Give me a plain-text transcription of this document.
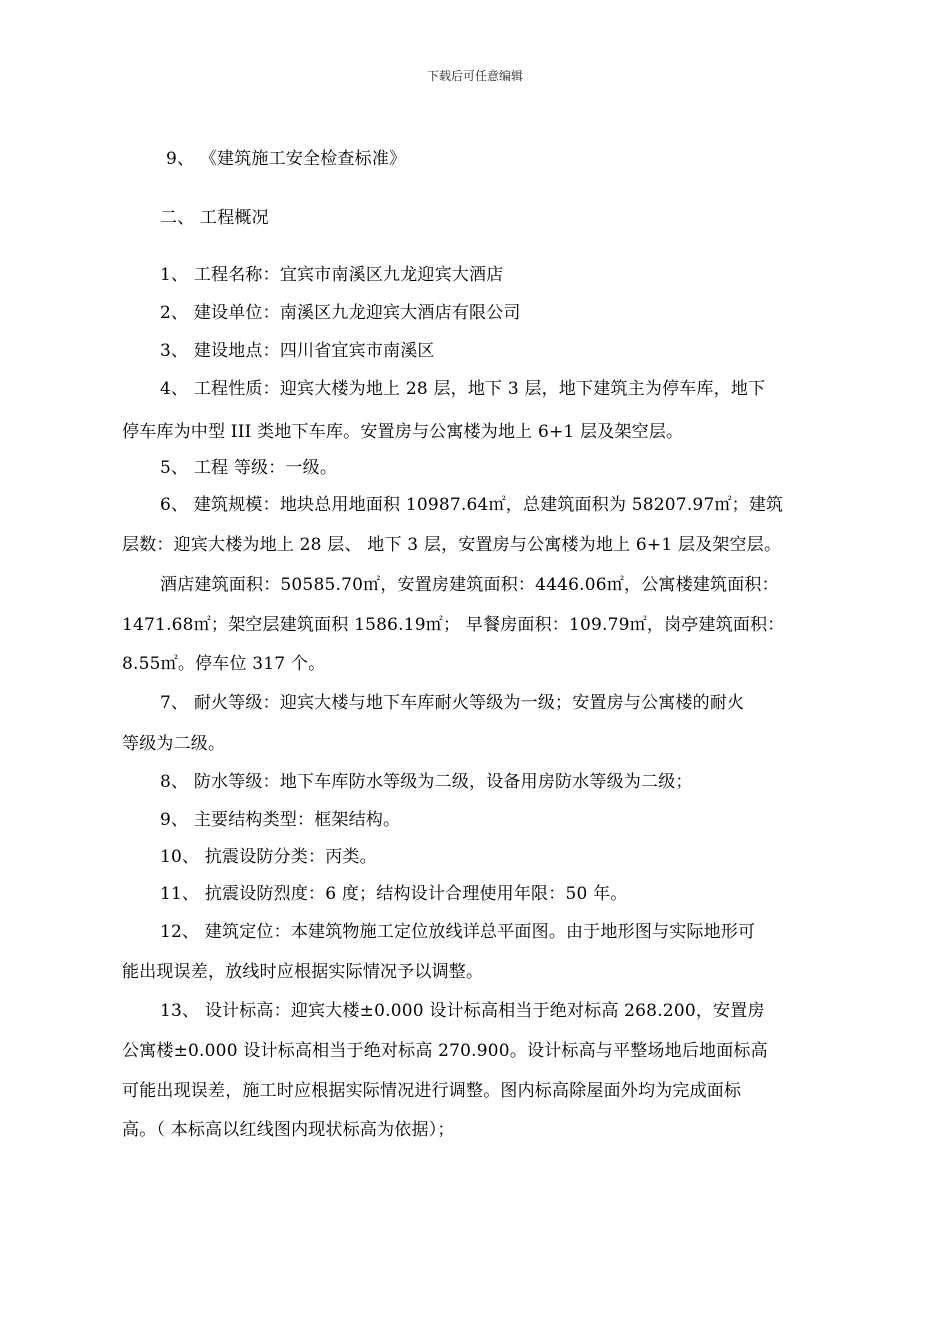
下载后可任意编辑
9、 《建筑施工安全检查标准》
二、 工程概况
1、 工程名称：宜宾市南溪区九龙迎宾大酒店
2、 建设单位：南溪区九龙迎宾大酒店有限公司
3、 建设地点：四川省宜宾市南溪区
4、 工程性质：迎宾大楼为地上 28 层，地下 3 层，地下建筑主为停车库，地下
停车库为中型 III 类地下车库。安置房与公寓楼为地上 6+1 层及架空层。
5、 工程 等级：一级。
6、 建筑规模：地块总用地面积 10987.64㎡，总建筑面积为 58207.97㎡；建筑
层数：迎宾大楼为地上 28 层、 地下 3 层，安置房与公寓楼为地上 6+1 层及架空层。
酒店建筑面积：50585.70㎡，安置房建筑面积：4446.06㎡，公寓楼建筑面积：
1471.68㎡；架空层建筑面积 1586.19㎡； 早餐房面积：109.79㎡，岗亭建筑面积：
8.55㎡。停车位 317 个。
7、 耐火等级：迎宾大楼与地下车库耐火等级为一级；安置房与公寓楼的耐火
等级为二级。
8、 防水等级：地下车库防水等级为二级，设备用房防水等级为二级；
9、 主要结构类型：框架结构。
10、 抗震设防分类：丙类。
11、 抗震设防烈度：6 度；结构设计合理使用年限：50 年。
12、 建筑定位：本建筑物施工定位放线详总平面图。由于地形图与实际地形可
能出现误差，放线时应根据实际情况予以调整。
13、 设计标高：迎宾大楼±0.000 设计标高相当于绝对标高 268.200，安置房
公寓楼±0.000 设计标高相当于绝对标高 270.900。设计标高与平整场地后地面标高
可能出现误差，施工时应根据实际情况进行调整。图内标高除屋面外均为完成面标
高。（ 本标高以红线图内现状标高为依据）；
